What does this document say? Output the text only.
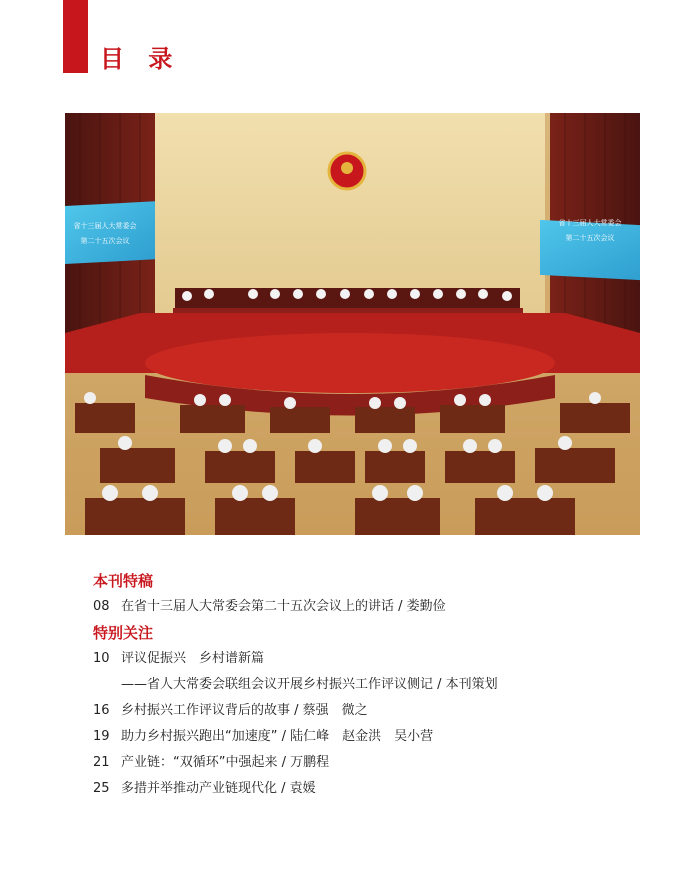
目 录
省十三届人大常委会
第二十五次会议
省十三届人大常委会
第二十五次会议
本刊特稿
08 在省十三届人大常委会第二十五次会议上的讲话 / 娄勤俭
特别关注
10 评议促振兴　乡村谱新篇
——省人大常委会联组会议开展乡村振兴工作评议侧记 / 本刊策划
16 乡村振兴工作评议背后的故事 / 蔡强　微之
19 助力乡村振兴跑出“加速度” / 陆仁峰　赵金洪　吴小营
21 产业链：“双循环”中强起来 / 万鹏程
25 多措并举推动产业链现代化 / 袁媛
